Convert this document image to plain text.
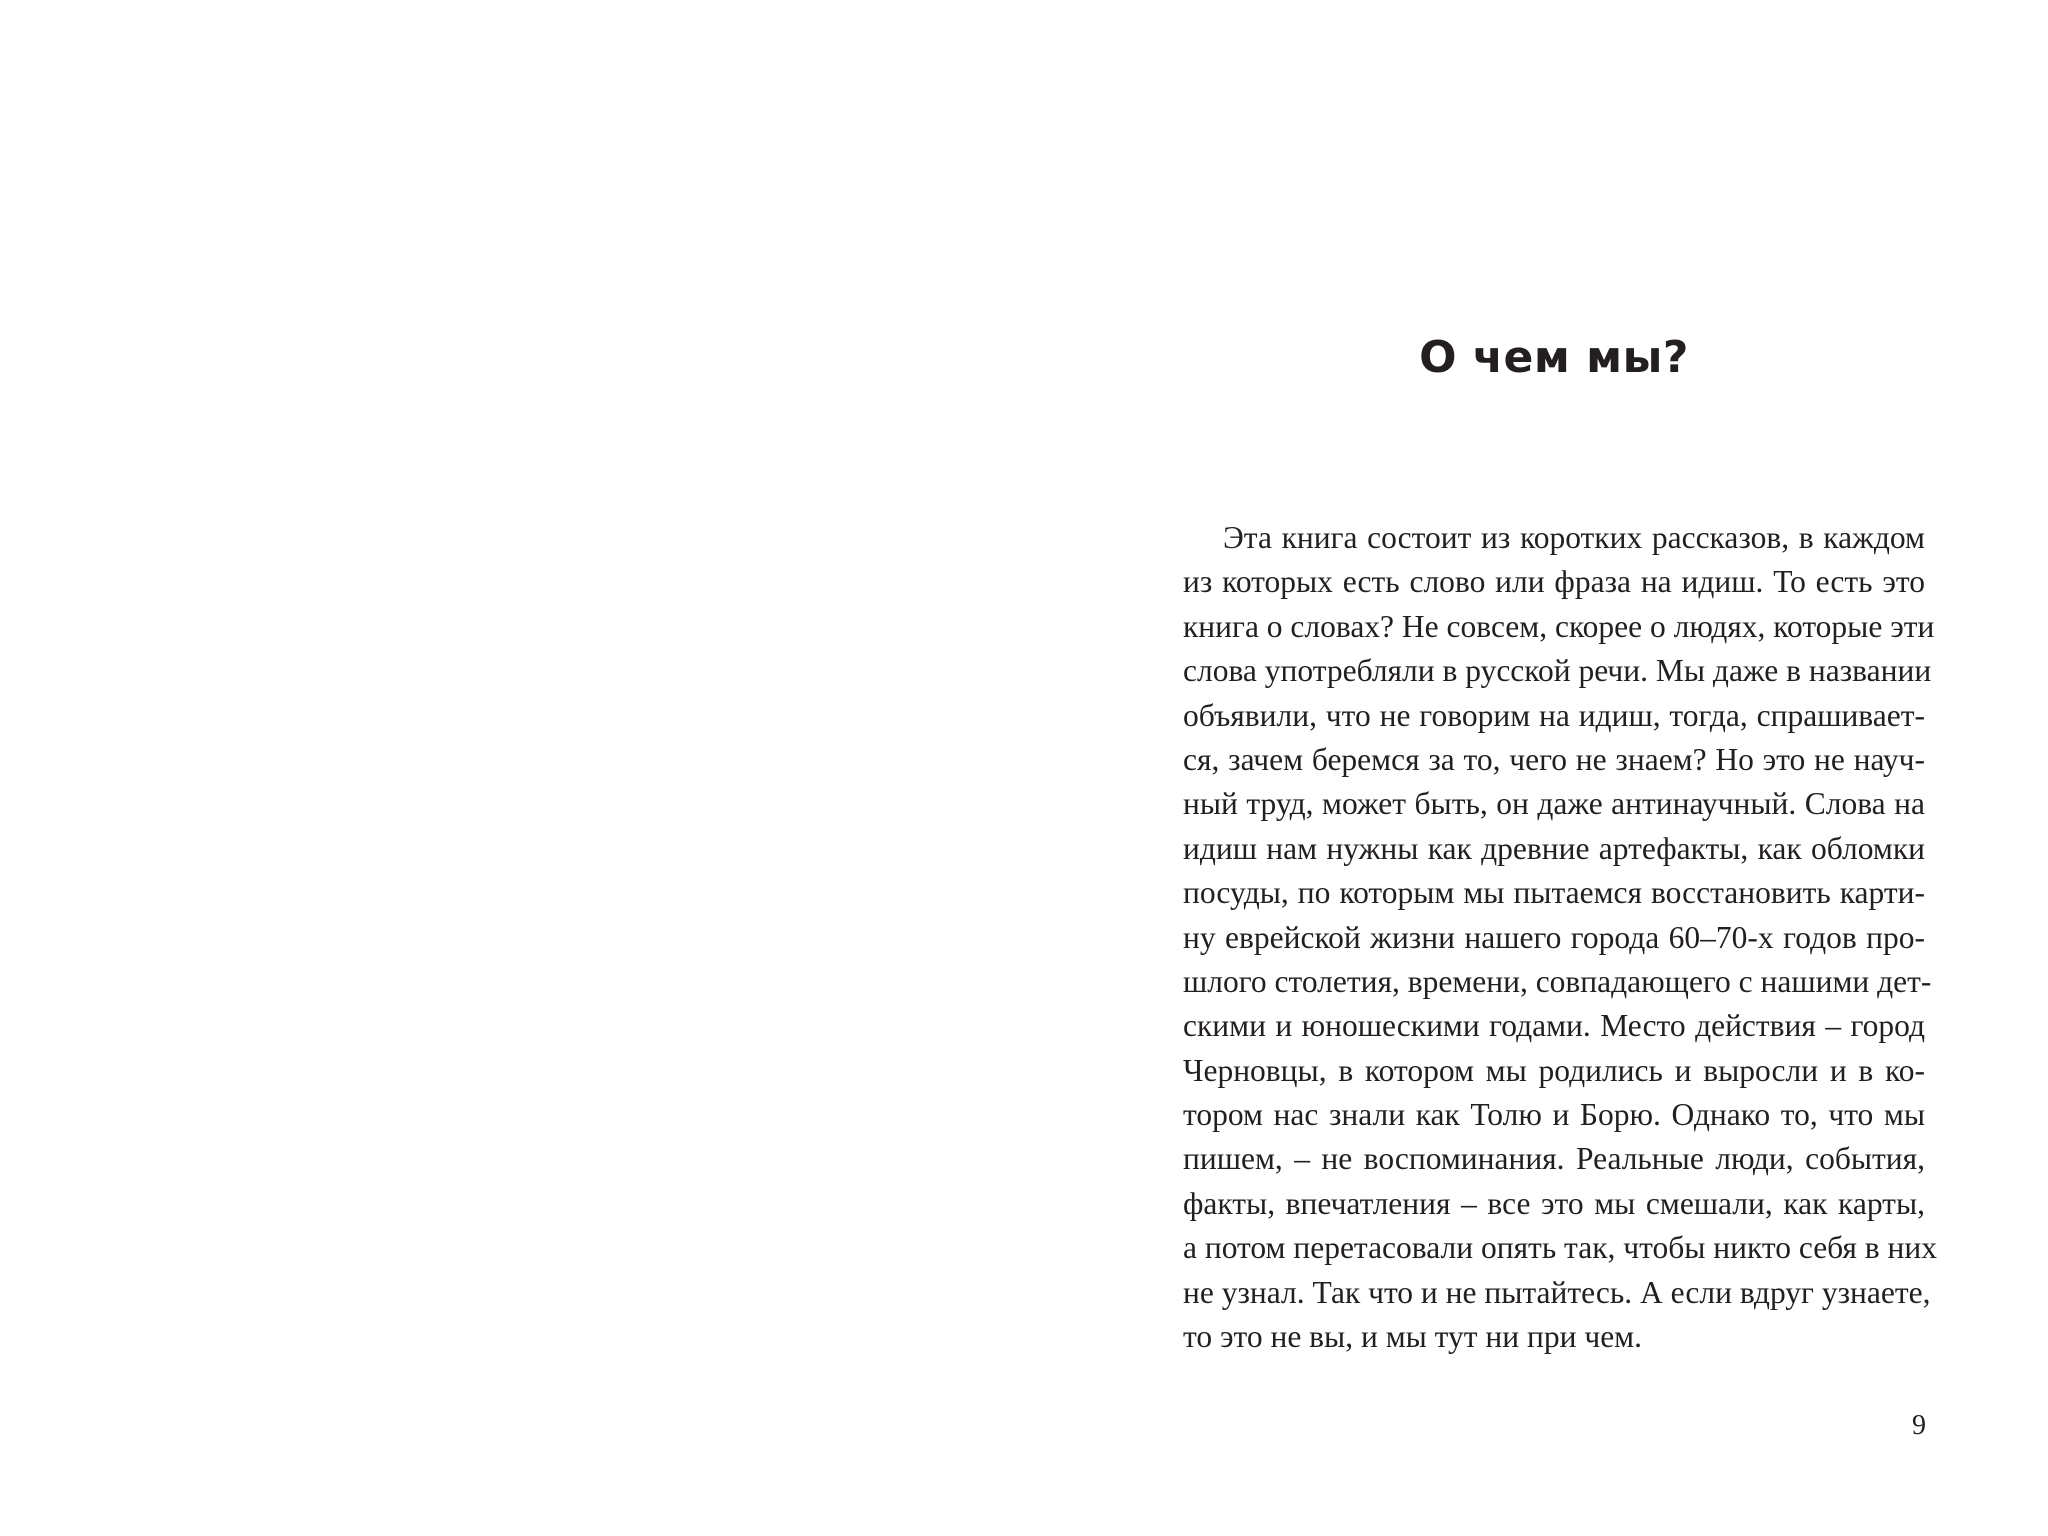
О чем мы?
Эта книга состоит из коротких рассказов, в каждом
из которых есть слово или фраза на идиш. То есть это
книга о словах? Не совсем, скорее о людях, которые эти
слова употребляли в русской речи. Мы даже в названии
объявили, что не говорим на идиш, тогда, спрашивает-
ся, зачем беремся за то, чего не знаем? Но это не науч-
ный труд, может быть, он даже антинаучный. Слова на
идиш нам нужны как древние артефакты, как обломки
посуды, по которым мы пытаемся восстановить карти-
ну еврейской жизни нашего города 60–70-х годов про-
шлого столетия, времени, совпадающего с нашими дет-
скими и юношескими годами. Место действия – город
Черновцы, в котором мы родились и выросли и в ко-
тором нас знали как Толю и Борю. Однако то, что мы
пишем, – не воспоминания. Реальные люди, события,
факты, впечатления – все это мы смешали, как карты,
а потом перетасовали опять так, чтобы никто себя в них
не узнал. Так что и не пытайтесь. А если вдруг узнаете,
то это не вы, и мы тут ни при чем.

9
